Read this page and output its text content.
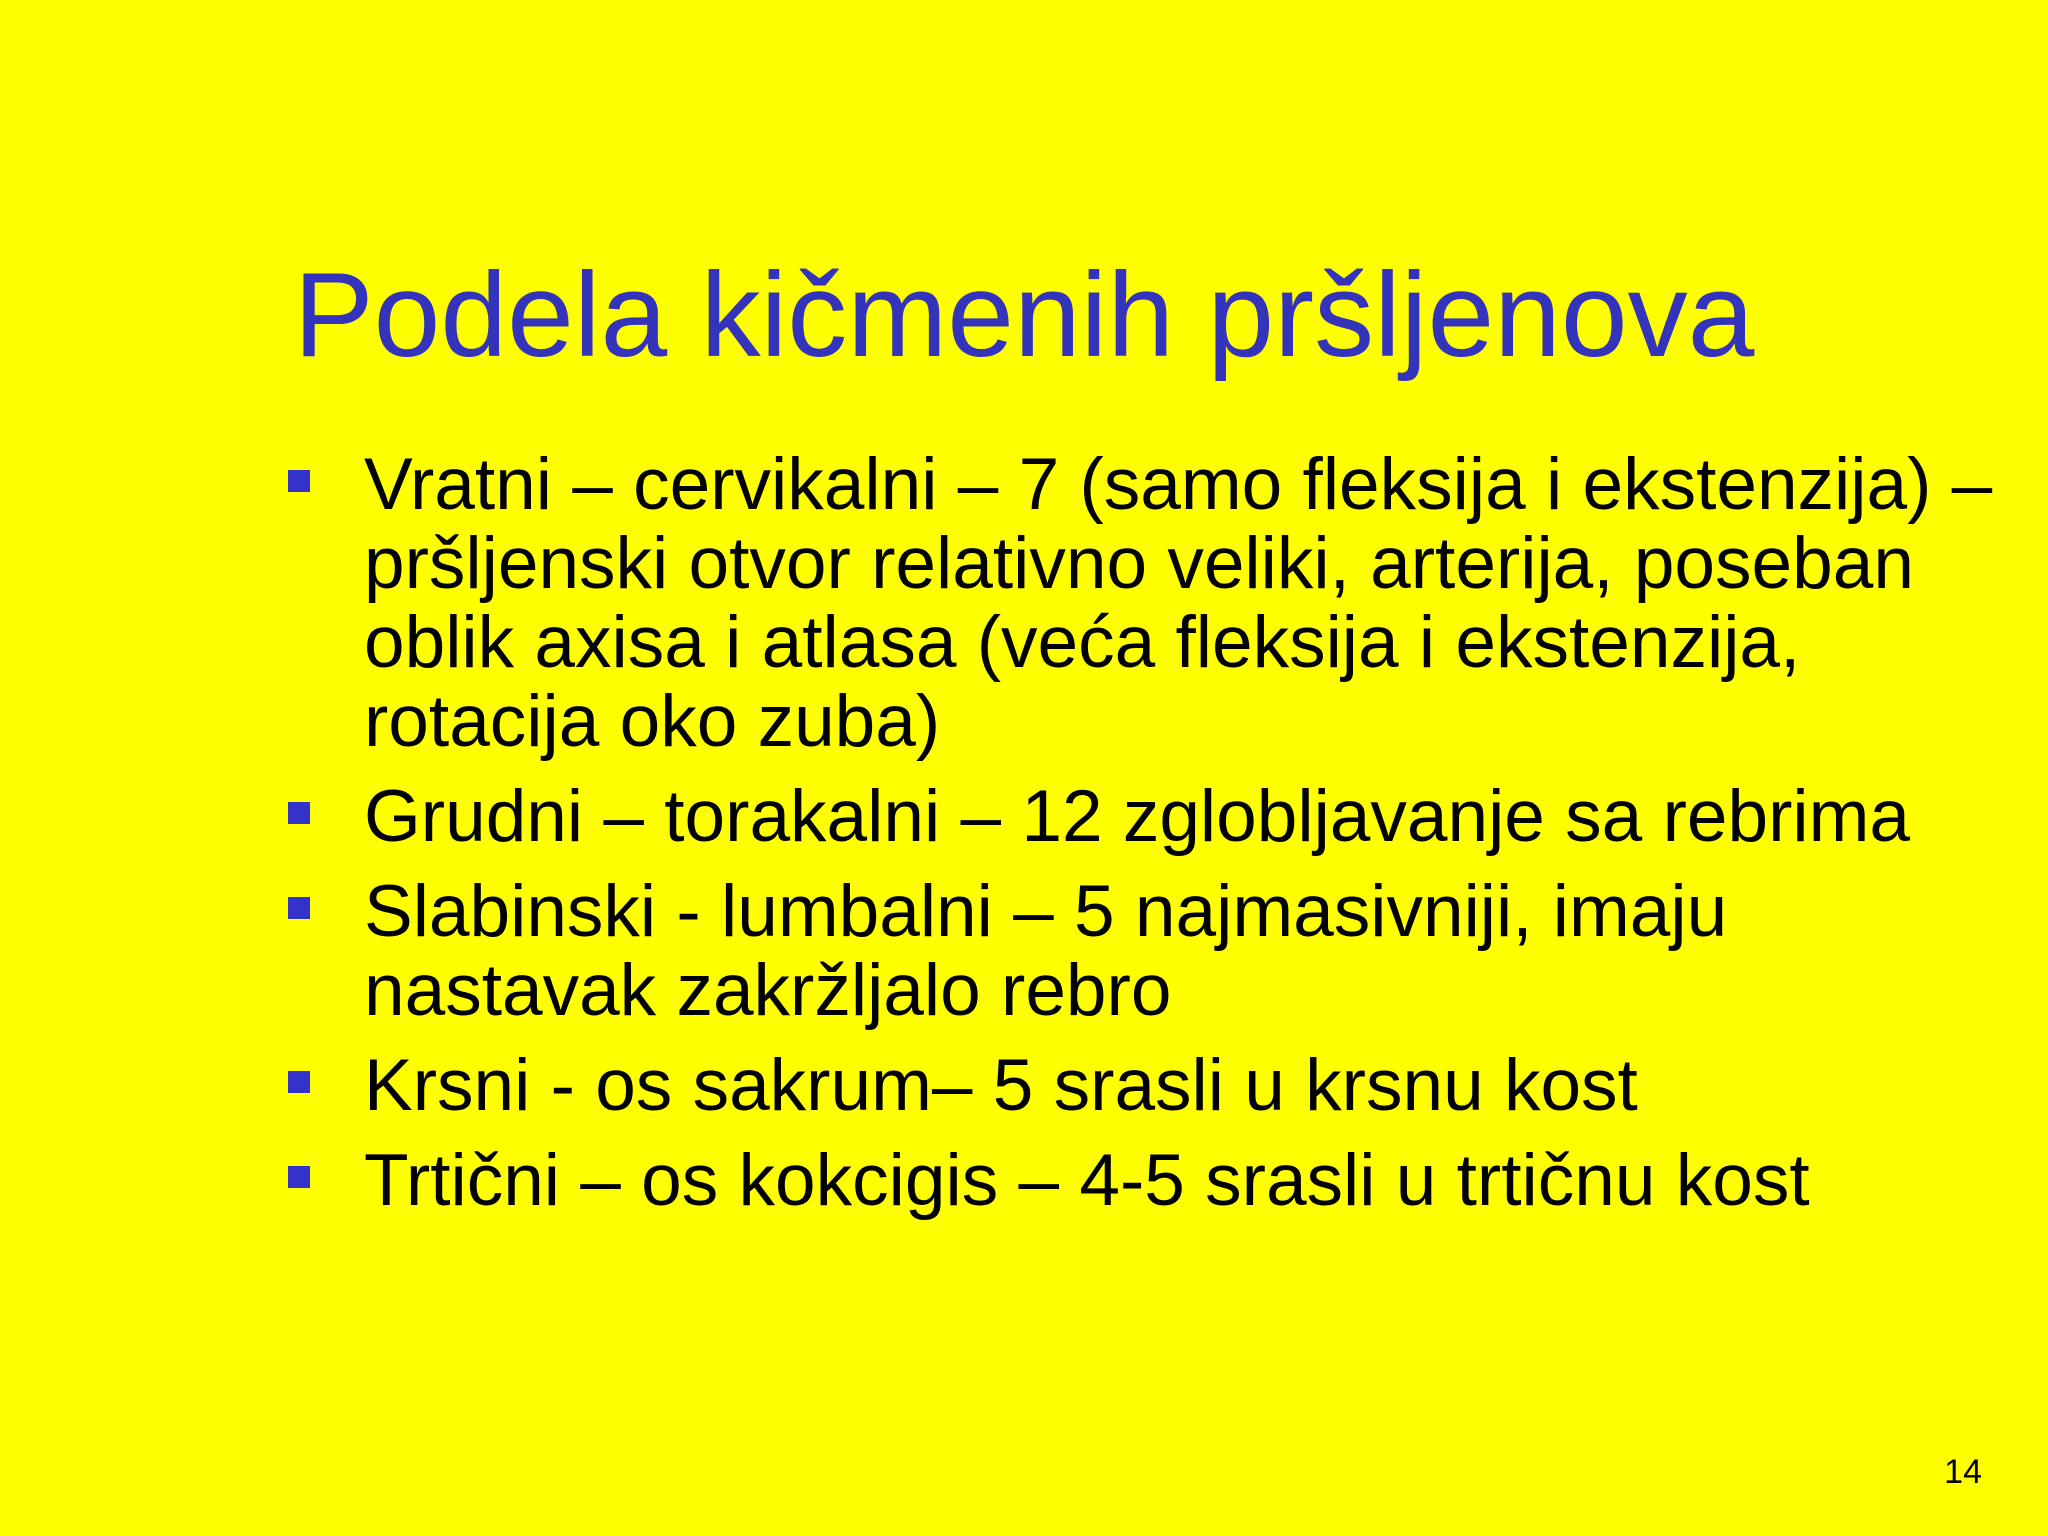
Podela kičmenih pršljenova
Vratni – cervikalni – 7 (samo fleksija i ekstenzija) – pršljenski otvor relativno veliki, arterija, poseban oblik axisa i atlasa (veća fleksija i ekstenzija, rotacija oko zuba)
Grudni – torakalni – 12 zglobljavanje sa rebrima
Slabinski - lumbalni – 5 najmasivniji, imaju nastavak zakržljalo rebro
Krsni - os sakrum– 5 srasli u krsnu kost
Trtični – os kokcigis – 4-5 srasli u trtičnu kost
14
